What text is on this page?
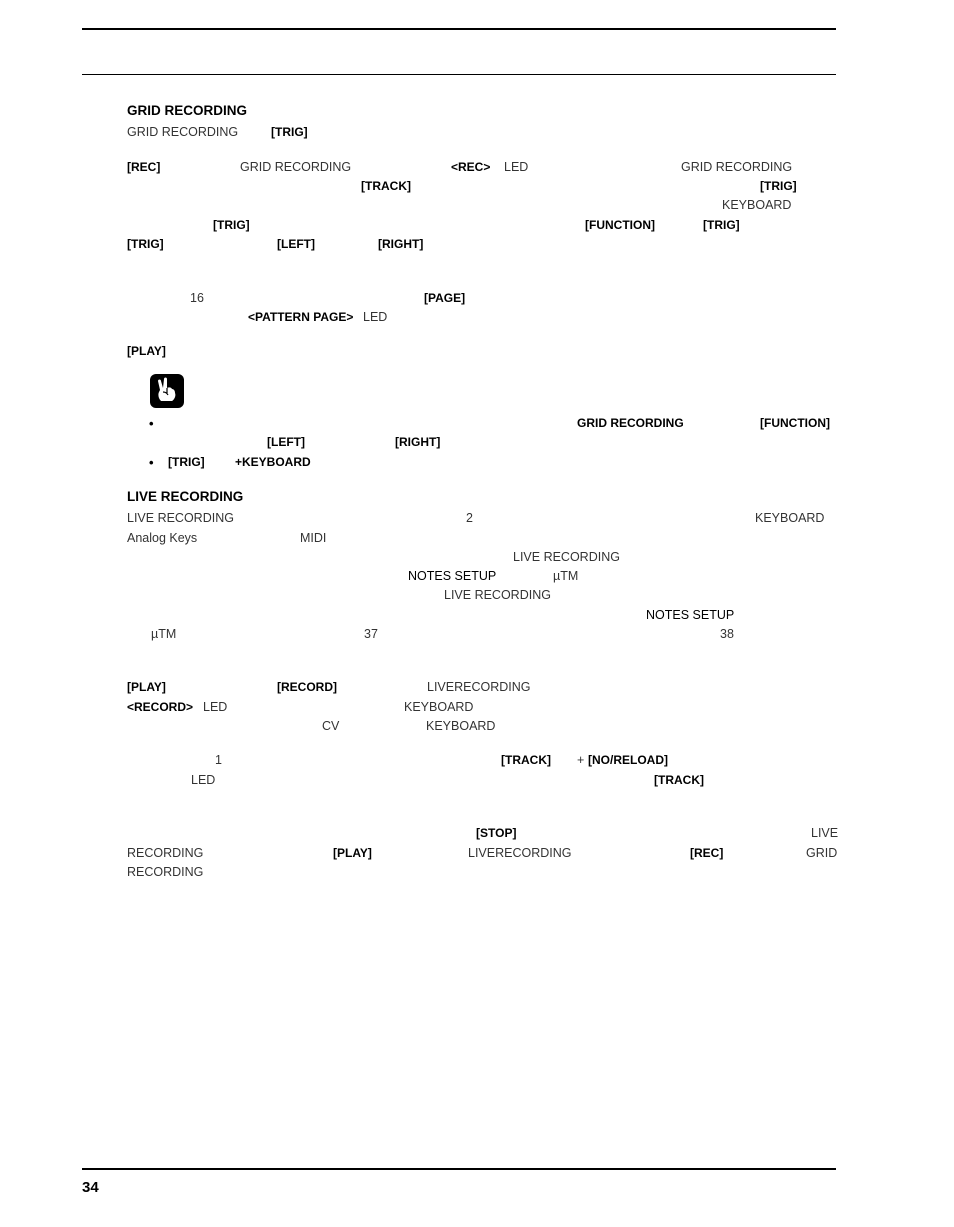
GRID RECORDING
GRID RECORDING	[TRIG]
[REC]	GRID RECORDING	<REC> LED	GRID RECORDING
[TRACK]	[TRIG]
KEYBOARD
[TRIG]	[FUNCTION]	[TRIG]
[TRIG]	[LEFT]	[RIGHT]
16	[PAGE]
<PATTERN PAGE> LED
[PLAY]
•	GRID RECORDING	[FUNCTION]
[LEFT]	[RIGHT]
• [TRIG]	+KEYBOARD
LIVE RECORDING
LIVE RECORDING	2	KEYBOARD
Analog Keys	MIDI
LIVE RECORDING
NOTES SETUP	µTM
LIVE RECORDING
NOTES SETUP
µTM	37	38
[PLAY]	[RECORD]	LIVERECORDING
<RECORD> LED	KEYBOARD
CV	KEYBOARD
1	[TRACK] + [NO/RELOAD]
LED	[TRACK]
[STOP]	LIVE
RECORDING	[PLAY]	LIVERECORDING	[REC]	GRID
RECORDING
34
